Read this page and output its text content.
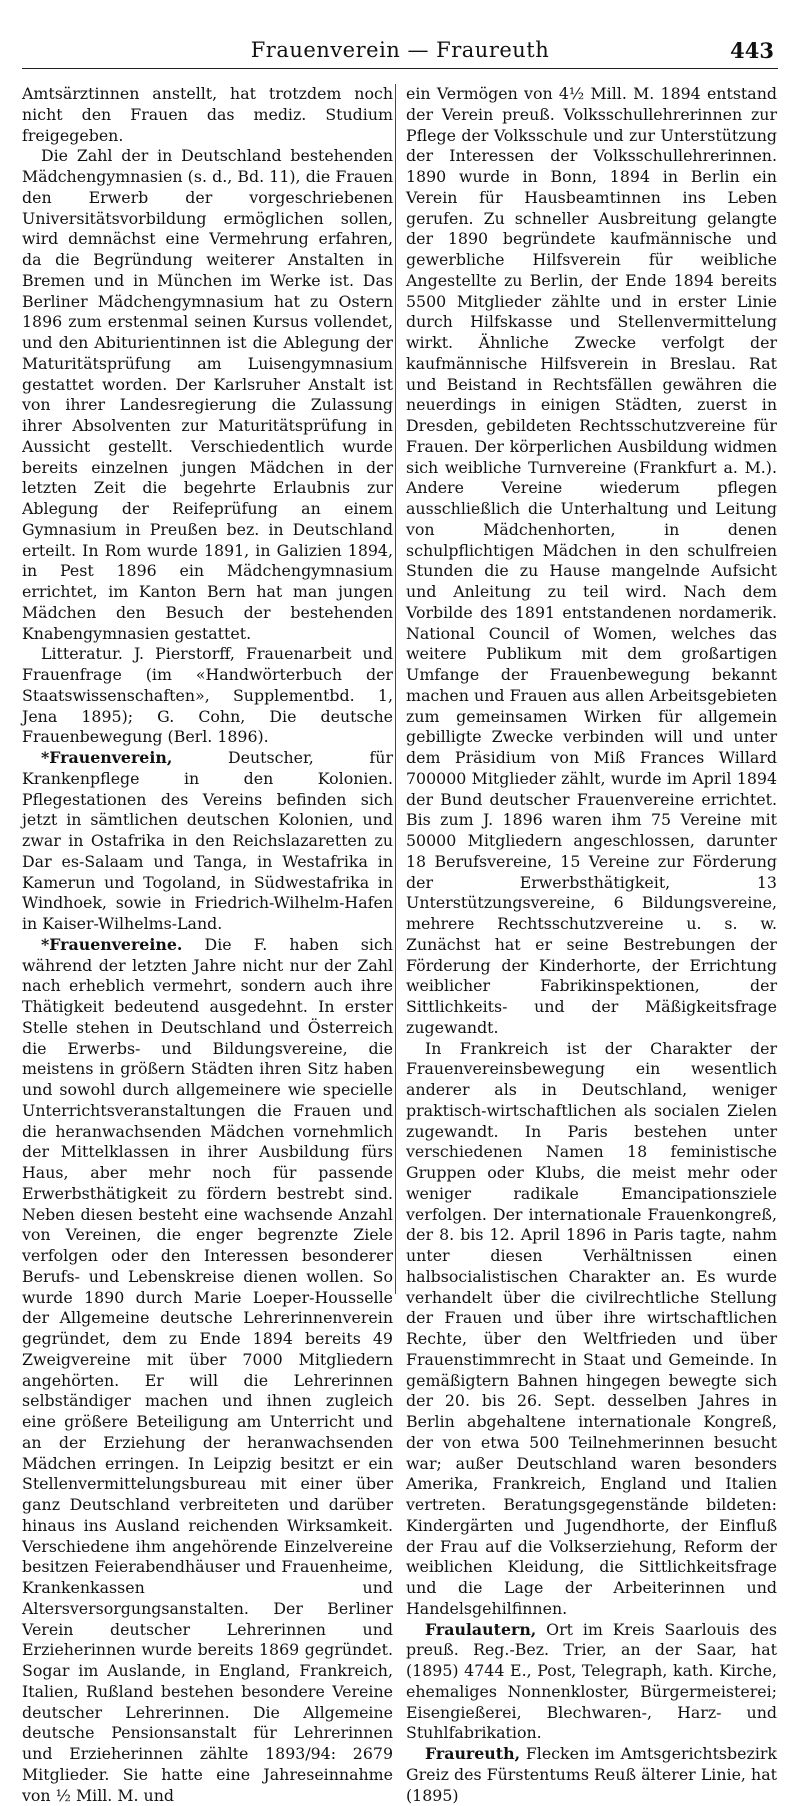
Frauenverein — Fraureuth	443

Amtsärztinnen anstellt, hat trotzdem noch nicht den Frauen das mediz. Studium freigegeben.

Die Zahl der in Deutschland bestehenden Mädchengymnasien (s. d., Bd. 11), die Frauen den Erwerb der vorgeschriebenen Universitätsvorbildung ermöglichen sollen, wird demnächst eine Vermehrung erfahren, da die Begründung weiterer Anstalten in Bremen und in München im Werke ist. Das Berliner Mädchengymnasium hat zu Ostern 1896 zum erstenmal seinen Kursus vollendet, und den Abiturientinnen ist die Ablegung der Maturitätsprüfung am Luisengymnasium gestattet worden. Der Karlsruher Anstalt ist von ihrer Landesregierung die Zulassung ihrer Absolventen zur Maturitätsprüfung in Aussicht gestellt. Verschiedentlich wurde bereits einzelnen jungen Mädchen in der letzten Zeit die begehrte Erlaubnis zur Ablegung der Reifeprüfung an einem Gymnasium in Preußen bez. in Deutschland erteilt. In Rom wurde 1891, in Galizien 1894, in Pest 1896 ein Mädchengymnasium errichtet, im Kanton Bern hat man jungen Mädchen den Besuch der bestehenden Knabengymnasien gestattet.

Litteratur. J. Pierstorff, Frauenarbeit und Frauenfrage (im «Handwörterbuch der Staatswissenschaften», Supplementbd. 1, Jena 1895); G. Cohn, Die deutsche Frauenbewegung (Berl. 1896).

*Frauenverein, Deutscher, für Krankenpflege in den Kolonien. Pflegestationen des Vereins befinden sich jetzt in sämtlichen deutschen Kolonien, und zwar in Ostafrika in den Reichslazaretten zu Dar es-Salaam und Tanga, in Westafrika in Kamerun und Togoland, in Südwestafrika in Windhoek, sowie in Friedrich-Wilhelm-Hafen in Kaiser-Wilhelms-Land.

*Frauenvereine. Die F. haben sich während der letzten Jahre nicht nur der Zahl nach erheblich vermehrt, sondern auch ihre Thätigkeit bedeutend ausgedehnt. In erster Stelle stehen in Deutschland und Österreich die Erwerbs- und Bildungsvereine, die meistens in größern Städten ihren Sitz haben und sowohl durch allgemeinere wie specielle Unterrichtsveranstaltungen die Frauen und die heranwachsenden Mädchen vornehmlich der Mittelklassen in ihrer Ausbildung fürs Haus, aber mehr noch für passende Erwerbsthätigkeit zu fördern bestrebt sind. Neben diesen besteht eine wachsende Anzahl von Vereinen, die enger begrenzte Ziele verfolgen oder den Interessen besonderer Berufs- und Lebenskreise dienen wollen. So wurde 1890 durch Marie Loeper-Housselle der Allgemeine deutsche Lehrerinnenverein gegründet, dem zu Ende 1894 bereits 49 Zweigvereine mit über 7000 Mitgliedern angehörten. Er will die Lehrerinnen selbständiger machen und ihnen zugleich eine größere Beteiligung am Unterricht und an der Erziehung der heranwachsenden Mädchen erringen. In Leipzig besitzt er ein Stellenvermittelungsbureau mit einer über ganz Deutschland verbreiteten und darüber hinaus ins Ausland reichenden Wirksamkeit. Verschiedene ihm angehörende Einzelvereine besitzen Feierabendhäuser und Frauenheime, Krankenkassen und Altersversorgungsanstalten. Der Berliner Verein deutscher Lehrerinnen und Erzieherinnen wurde bereits 1869 gegründet. Sogar im Auslande, in England, Frankreich, Italien, Rußland bestehen besondere Vereine deutscher Lehrerinnen. Die Allgemeine deutsche Pensionsanstalt für Lehrerinnen und Erzieherinnen zählte 1893/94: 2679 Mitglieder. Sie hatte eine Jahreseinnahme von ½ Mill. M. und

ein Vermögen von 4½ Mill. M. 1894 entstand der Verein preuß. Volksschullehrerinnen zur Pflege der Volksschule und zur Unterstützung der Interessen der Volksschullehrerinnen. 1890 wurde in Bonn, 1894 in Berlin ein Verein für Hausbeamtinnen ins Leben gerufen. Zu schneller Ausbreitung gelangte der 1890 begründete kaufmännische und gewerbliche Hilfsverein für weibliche Angestellte zu Berlin, der Ende 1894 bereits 5500 Mitglieder zählte und in erster Linie durch Hilfskasse und Stellenvermittelung wirkt. Ähnliche Zwecke verfolgt der kaufmännische Hilfsverein in Breslau. Rat und Beistand in Rechtsfällen gewähren die neuerdings in einigen Städten, zuerst in Dresden, gebildeten Rechtsschutzvereine für Frauen. Der körperlichen Ausbildung widmen sich weibliche Turnvereine (Frankfurt a. M.). Andere Vereine wiederum pflegen ausschließlich die Unterhaltung und Leitung von Mädchenhorten, in denen schulpflichtigen Mädchen in den schulfreien Stunden die zu Hause mangelnde Aufsicht und Anleitung zu teil wird. Nach dem Vorbilde des 1891 entstandenen nordamerik. National Council of Women, welches das weitere Publikum mit dem großartigen Umfange der Frauenbewegung bekannt machen und Frauen aus allen Arbeitsgebieten zum gemeinsamen Wirken für allgemein gebilligte Zwecke verbinden will und unter dem Präsidium von Miß Frances Willard 700000 Mitglieder zählt, wurde im April 1894 der Bund deutscher Frauenvereine errichtet. Bis zum J. 1896 waren ihm 75 Vereine mit 50000 Mitgliedern angeschlossen, darunter 18 Berufsvereine, 15 Vereine zur Förderung der Erwerbsthätigkeit, 13 Unterstützungsvereine, 6 Bildungsvereine, mehrere Rechtsschutzvereine u. s. w. Zunächst hat er seine Bestrebungen der Förderung der Kinderhorte, der Errichtung weiblicher Fabrikinspektionen, der Sittlichkeits- und der Mäßigkeitsfrage zugewandt.

In Frankreich ist der Charakter der Frauenvereinsbewegung ein wesentlich anderer als in Deutschland, weniger praktisch-wirtschaftlichen als socialen Zielen zugewandt. In Paris bestehen unter verschiedenen Namen 18 feministische Gruppen oder Klubs, die meist mehr oder weniger radikale Emancipationsziele verfolgen. Der internationale Frauenkongreß, der 8. bis 12. April 1896 in Paris tagte, nahm unter diesen Verhältnissen einen halbsocialistischen Charakter an. Es wurde verhandelt über die civilrechtliche Stellung der Frauen und über ihre wirtschaftlichen Rechte, über den Weltfrieden und über Frauenstimmrecht in Staat und Gemeinde. In gemäßigtern Bahnen hingegen bewegte sich der 20. bis 26. Sept. desselben Jahres in Berlin abgehaltene internationale Kongreß, der von etwa 500 Teilnehmerinnen besucht war; außer Deutschland waren besonders Amerika, Frankreich, England und Italien vertreten. Beratungsgegenstände bildeten: Kindergärten und Jugendhorte, der Einfluß der Frau auf die Volkserziehung, Reform der weiblichen Kleidung, die Sittlichkeitsfrage und die Lage der Arbeiterinnen und Handelsgehilfinnen.

Fraulautern, Ort im Kreis Saarlouis des preuß. Reg.-Bez. Trier, an der Saar, hat (1895) 4744 E., Post, Telegraph, kath. Kirche, ehemaliges Nonnenkloster, Bürgermeisterei; Eisengießerei, Blechwaren-, Harz- und Stuhlfabrikation.

Fraureuth, Flecken im Amtsgerichtsbezirk Greiz des Fürstentums Reuß älterer Linie, hat (1895)
